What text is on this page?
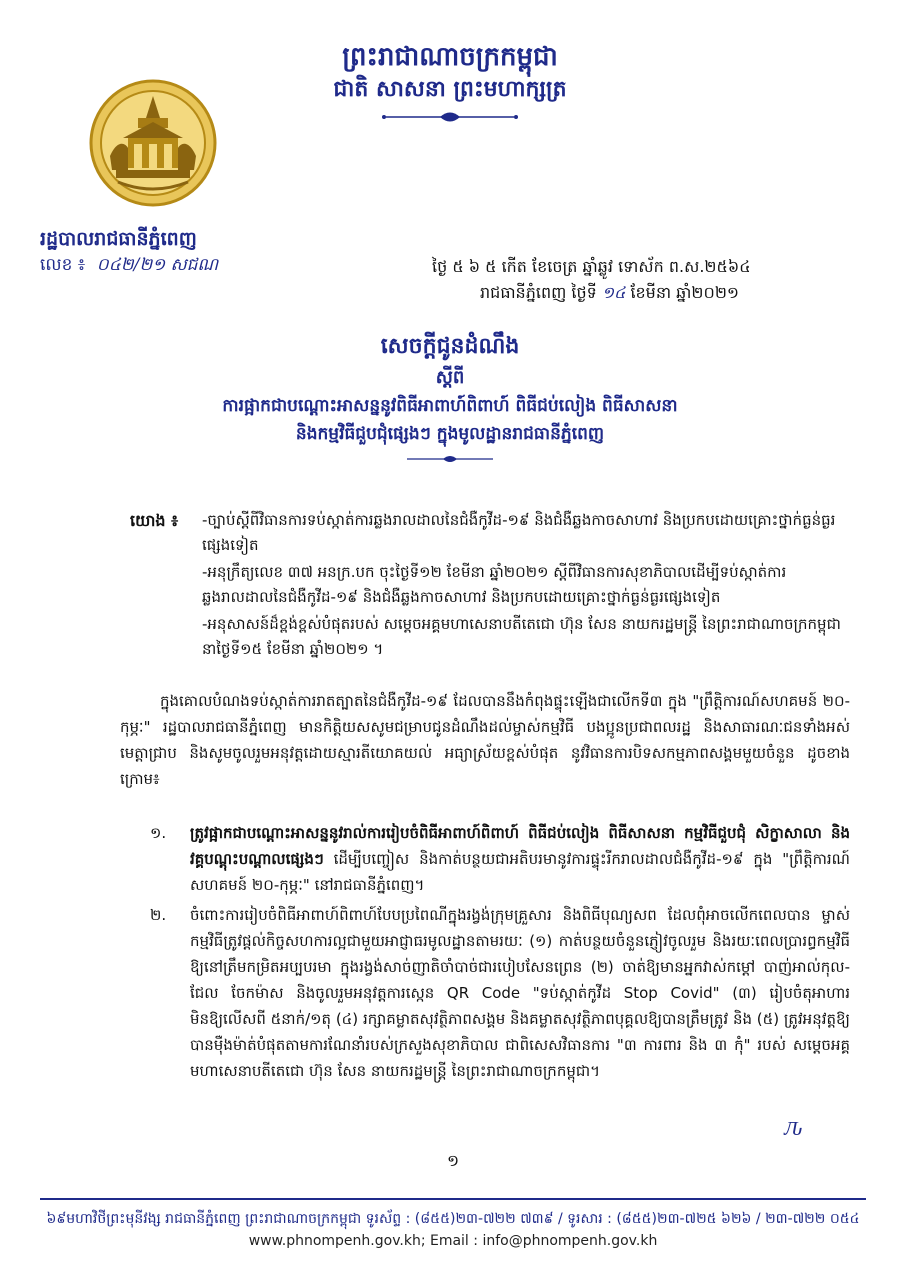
ព្រះរាជាណាចក្រកម្ពុជា
ជាតិ សាសនា ព្រះមហាក្សត្រ
រដ្ឋបាលរាជធានីភ្នំពេញ
លេខ ៖ ០៤២/២១ សជណ	ថ្ងៃ ៥ ៦ ៥ កើត ខែចេត្រ ឆ្នាំឆ្លូវ ទោស័ក ព.ស.២៥៦៤
រាជធានីភ្នំពេញ ថ្ងៃទី ១៤ ខែមីនា ឆ្នាំ២០២១
សេចក្តីជូនដំណឹង
ស្តីពី
ការផ្អាកជាបណ្តោះអាសន្ននូវពិធីអាពាហ៍ពិពាហ៍ ពិធីជប់លៀង ពិធីសាសនា
និងកម្មវិធីជួបជុំផ្សេងៗ ក្នុងមូលដ្ឋានរាជធានីភ្នំពេញ
យោង ៖ -ច្បាប់ស្តីពីវិធានការទប់ស្កាត់ការឆ្លងរាលដាលនៃជំងឺកូវីដ-១៩ និងជំងឺឆ្លងកាចសាហាវ និងប្រកបដោយគ្រោះថ្នាក់ធ្ងន់ធ្ងរផ្សេងទៀត
-អនុក្រឹត្យលេខ ៣៧ អនក្រ.បក ចុះថ្ងៃទី១២ ខែមីនា ឆ្នាំ២០២១ ស្តីពីវិធានការសុខាភិបាលដើម្បីទប់ស្កាត់ការឆ្លងរាលដាលនៃជំងឺកូវីដ-១៩ និងជំងឺឆ្លងកាចសាហាវ និងប្រកបដោយគ្រោះថ្នាក់ធ្ងន់ធ្ងរផ្សេងទៀត
-អនុសាសន៍ដ៏ខ្ពង់ខ្ពស់បំផុតរបស់ សម្តេចអគ្គមហាសេនាបតីតេជោ ហ៊ុន សែន នាយករដ្ឋមន្ត្រី នៃព្រះរាជាណាចក្រកម្ពុជា នាថ្ងៃទី១៥ ខែមីនា ឆ្នាំ២០២១ ។
ក្នុងគោលបំណងទប់ស្កាត់ការរាតត្បាតនៃជំងឺកូវីដ-១៩ ដែលបាននឹងកំពុងផ្ទុះឡើងជាលើកទី៣ ក្នុង "ព្រឹត្តិការណ៍សហគមន៍ ២០-កុម្ភៈ" រដ្ឋបាលរាជធានីភ្នំពេញ មានកិត្តិយសសូមជម្រាបជូនដំណឹងដល់ម្ចាស់កម្មវិធី បងប្អូនប្រជាពលរដ្ឋ និងសាធារណៈជនទាំងអស់ មេត្តាជ្រាប និងសូមចូលរួមអនុវត្តដោយស្មារតីយោគយល់ អធ្យាស្រ័យខ្ពស់បំផុត នូវវិធានការបិទសកម្មភាពសង្គមមួយចំនួន ដូចខាងក្រោម៖
១.	ត្រូវផ្អាកជាបណ្តោះអាសន្ននូវរាល់ការរៀបចំពិធីអាពាហ៍ពិពាហ៍ ពិធីជប់លៀង ពិធីសាសនា កម្មវិធីជួបជុំ សិក្ខាសាលា និងវគ្គបណ្តុះបណ្តាលផ្សេងៗ ដើម្បីបញ្ចៀស និងកាត់បន្ថយជាអតិបរមានូវការផ្ទុះរីករាលដាលជំងឺកូវីដ-១៩ ក្នុង "ព្រឹត្តិការណ៍សហគមន៍ ២០-កុម្ភៈ" នៅរាជធានីភ្នំពេញ។
២.	ចំពោះការរៀបចំពិធីអាពាហ៍ពិពាហ៍បែបប្រពៃណីក្នុងរង្វង់ក្រុមគ្រួសារ និងពិធីបុណ្យសព ដែលពុំអាចលើកពេលបាន ម្ចាស់កម្មវិធីត្រូវផ្តល់កិច្ចសហការល្អជាមួយអាជ្ញាធរមូលដ្ឋានតាមរយៈ (១) កាត់បន្ថយចំនួនភ្ញៀវចូលរួម និងរយៈពេលប្រារព្ធកម្មវិធី ឱ្យនៅត្រឹមកម្រិតអប្បបរមា ក្នុងរង្វង់សាច់ញាតិចាំបាច់ជារបៀបសែនព្រេន (២) ចាត់ឱ្យមានអ្នកវាស់កម្តៅ បាញ់អាល់កុល-ជែល ចែកម៉ាស និងចូលរួមអនុវត្តការស្កេន QR Code "ទប់ស្កាត់កូវីដ Stop Covid" (៣) រៀបចំតុអាហារមិនឱ្យលើសពី ៥នាក់/១តុ (៤) រក្សាគម្លាតសុវត្ថិភាពសង្គម និងគម្លាតសុវត្ថិភាពបុគ្គលឱ្យបានត្រឹមត្រូវ និង (៥) ត្រូវអនុវត្តឱ្យបានម៉ឺងម៉ាត់បំផុតតាមការណែនាំរបស់ក្រសួងសុខាភិបាល ជាពិសេសវិធានការ "៣ ការពារ និង ៣ កុំ" របស់ សម្តេចអគ្គមហាសេនាបតីតេជោ ហ៊ុន សែន នាយករដ្ឋមន្ត្រី នៃព្រះរាជាណាចក្រកម្ពុជា។
Ԉ
១
៦៩មហាវិថីព្រះមុនីវង្ស រាជធានីភ្នំពេញ ព្រះរាជាណាចក្រកម្ពុជា ទូរស័ព្ទ : (៨៥៥)២៣-៧២២ ៧៣៩ / ទូរសារ : (៨៥៥)២៣-៧២៥ ៦២៦ / ២៣-៧២២ ០៥៤
www.phnompenh.gov.kh; Email : info@phnompenh.gov.kh
